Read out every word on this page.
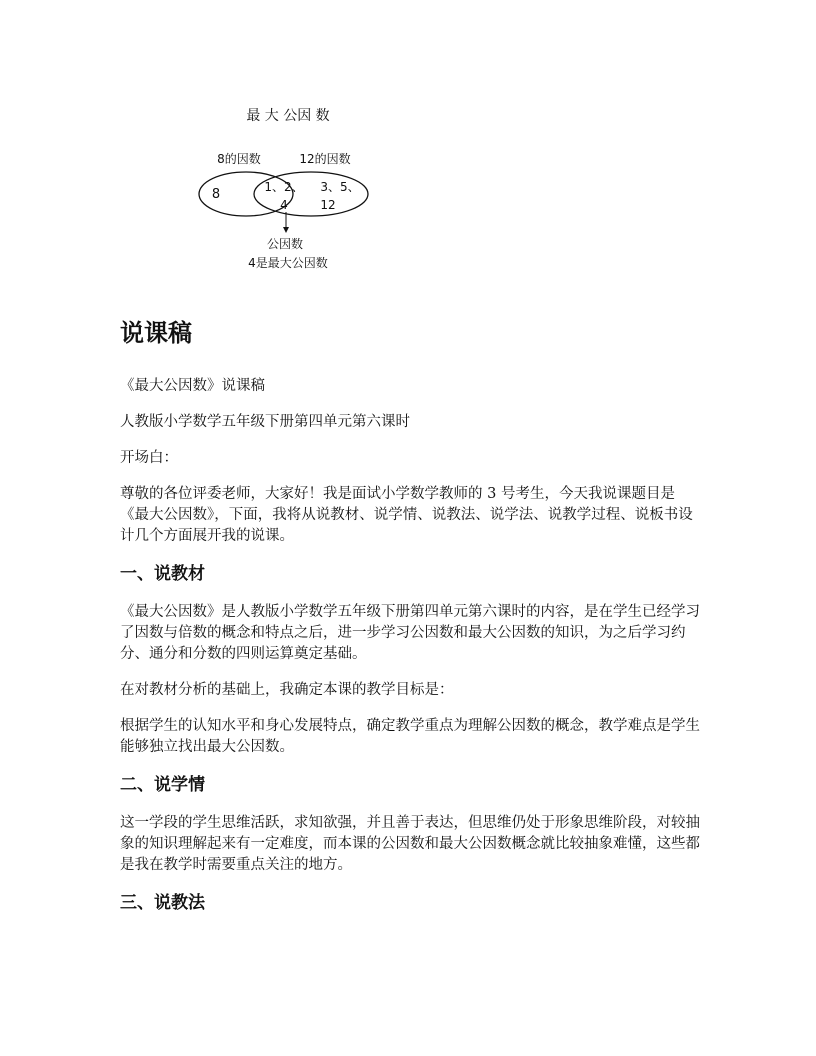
最 大 公因 数
8的因数	12的因数
8	1、2、
4
3、5、
12
公因数
4是最大公因数
说课稿

《最大公因数》说课稿

人教版小学数学五年级下册第四单元第六课时

开场白：

尊敬的各位评委老师，大家好！我是面试小学数学教师的 3 号考生，今天我说课题目是《最大公因数》，下面，我将从说教材、说学情、说教法、说学法、说教学过程、说板书设计几个方面展开我的说课。

一、说教材

《最大公因数》是人教版小学数学五年级下册第四单元第六课时的内容，是在学生已经学习了因数与倍数的概念和特点之后，进一步学习公因数和最大公因数的知识，为之后学习约分、通分和分数的四则运算奠定基础。

在对教材分析的基础上，我确定本课的教学目标是：

根据学生的认知水平和身心发展特点，确定教学重点为理解公因数的概念，教学难点是学生能够独立找出最大公因数。

二、说学情

这一学段的学生思维活跃，求知欲强，并且善于表达，但思维仍处于形象思维阶段，对较抽象的知识理解起来有一定难度，而本课的公因数和最大公因数概念就比较抽象难懂，这些都是我在教学时需要重点关注的地方。

三、说教法
